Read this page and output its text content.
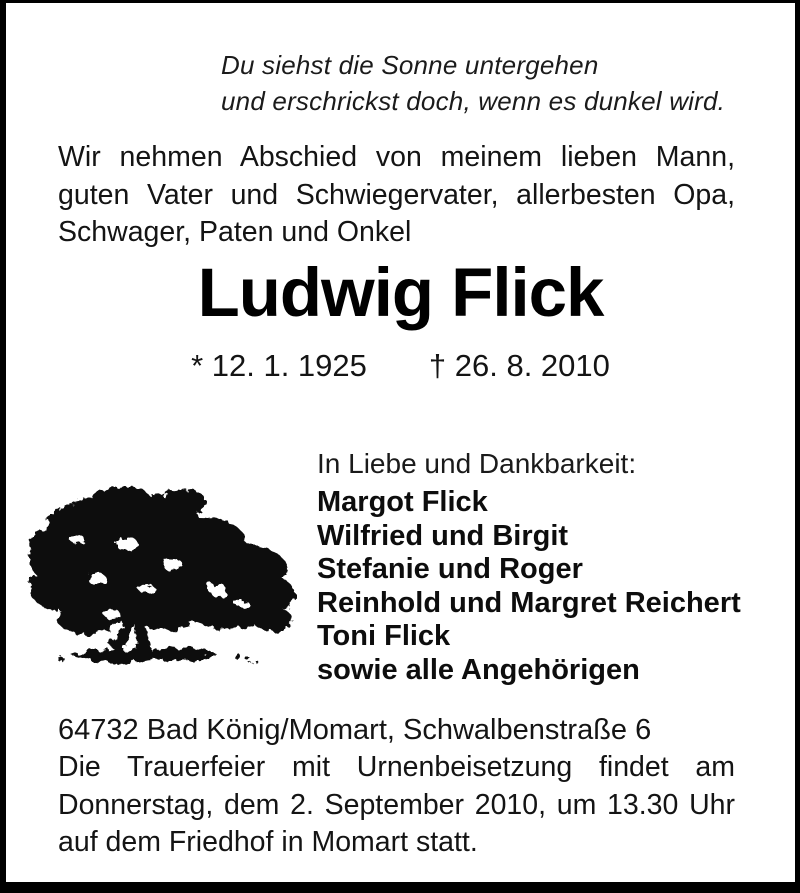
Du siehst die Sonne untergehen
und erschrickst doch, wenn es dunkel wird.
Wir nehmen Abschied von meinem lieben Mann,
guten Vater und Schwiegervater, allerbesten Opa,
Schwager, Paten und Onkel
Ludwig Flick
* 12. 1. 1925 † 26. 8. 2010
In Liebe und Dankbarkeit:
Margot Flick
Wilfried und Birgit
Stefanie und Roger
Reinhold und Margret Reichert
Toni Flick
sowie alle Angehörigen
64732 Bad König/Momart, Schwalbenstraße 6
Die Trauerfeier mit Urnenbeisetzung findet am
Donnerstag, dem 2. September 2010, um 13.30 Uhr
auf dem Friedhof in Momart statt.
